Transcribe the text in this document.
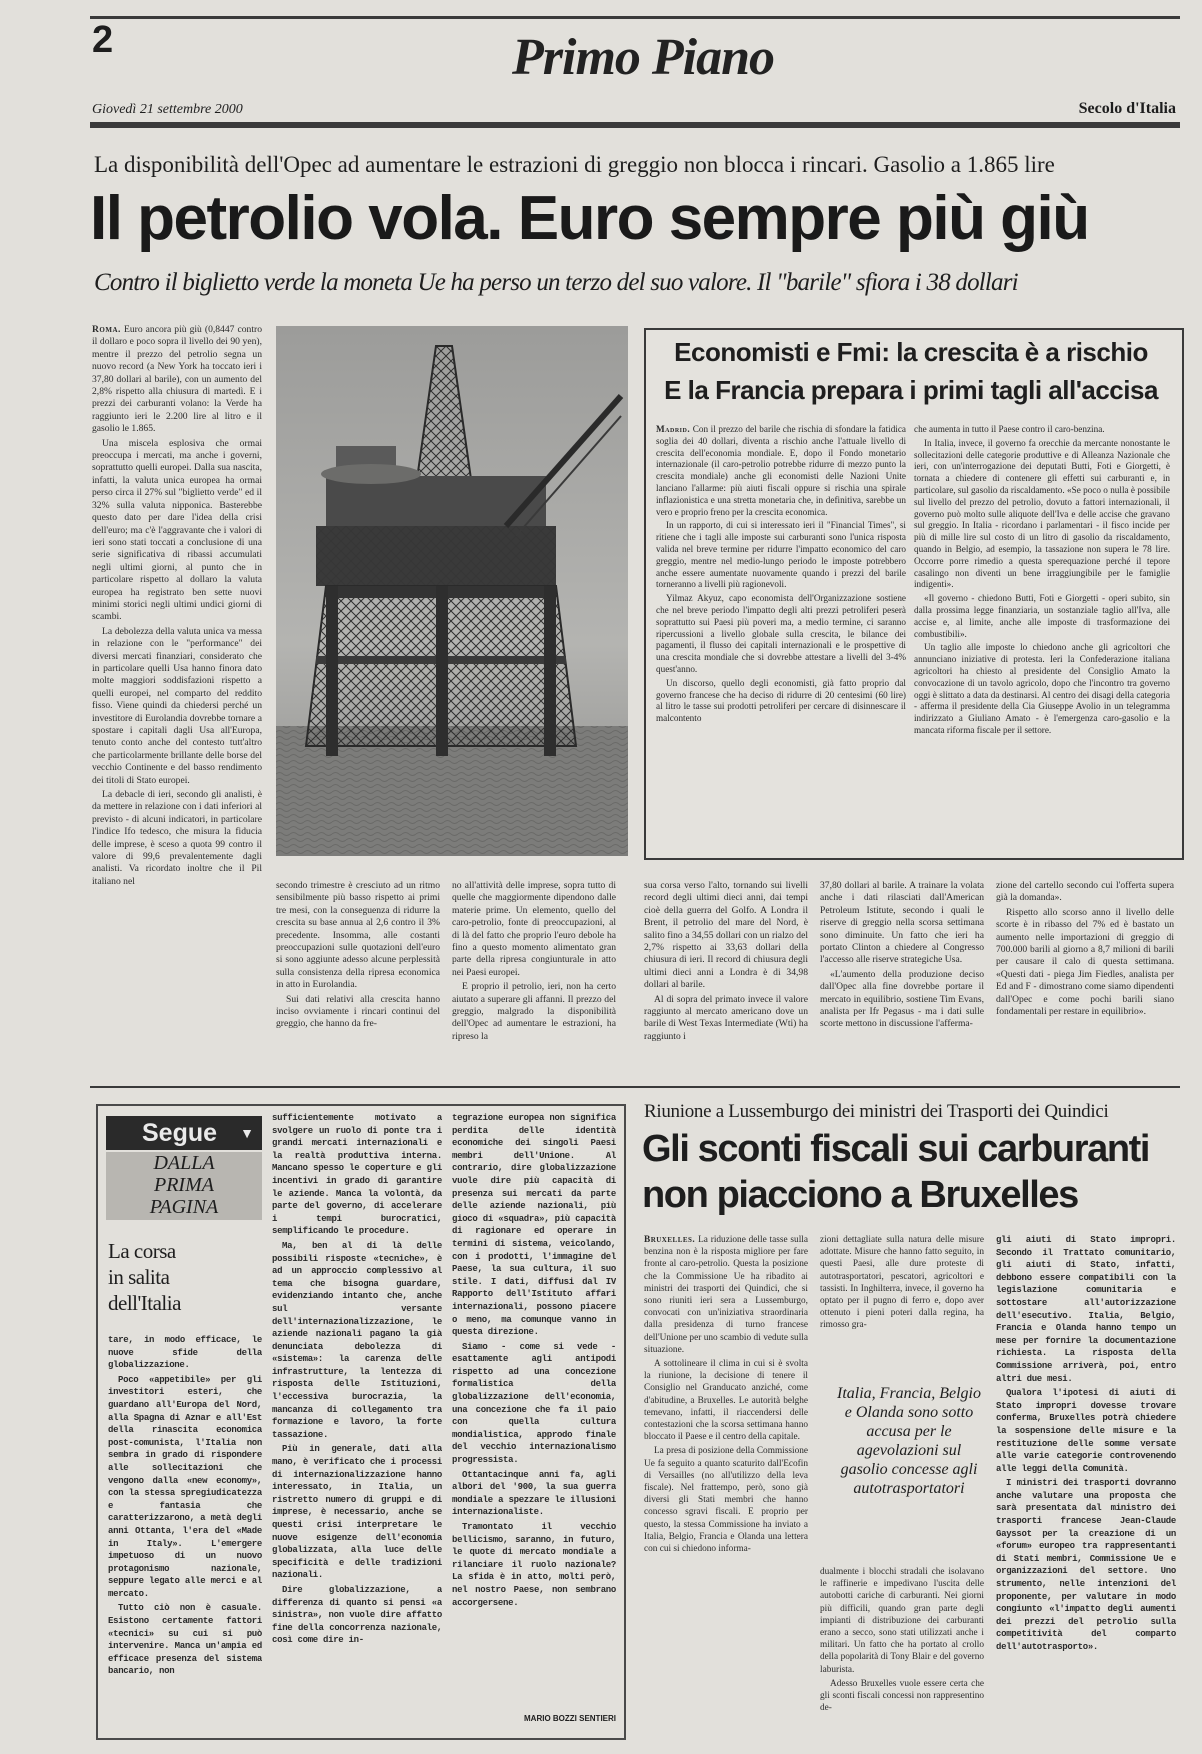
2	Primo Piano
Giovedì 21 settembre 2000	Secolo d'Italia
La disponibilità dell'Opec ad aumentare le estrazioni di greggio non blocca i rincari. Gasolio a 1.865 lire
Il petrolio vola. Euro sempre più giù
Contro il biglietto verde la moneta Ue ha perso un terzo del suo valore. Il "barile" sfiora i 38 dollari

Roma. Euro ancora più giù (0,8447 contro il dollaro e poco sopra il livello dei 90 yen), mentre il prezzo del petrolio segna un nuovo record (a New York ha toccato ieri i 37,80 dollari al barile), con un aumento del 2,8% rispetto alla chiusura di martedì. E i prezzi dei carburanti volano: la Verde ha raggiunto ieri le 2.200 lire al litro e il gasolio le 1.865.

Una miscela esplosiva che ormai preoccupa i mercati, ma anche i governi, soprattutto quelli europei. Dalla sua nascita, infatti, la valuta unica europea ha ormai perso circa il 27% sul "biglietto verde" ed il 32% sulla valuta nipponica. Basterebbe questo dato per dare l'idea della crisi dell'euro; ma c'è l'aggravante che i valori di ieri sono stati toccati a conclusione di una serie significativa di ribassi accumulati negli ultimi giorni, al punto che in particolare rispetto al dollaro la valuta europea ha registrato ben sette nuovi minimi storici negli ultimi undici giorni di scambi.

La debolezza della valuta unica va messa in relazione con le "performance" dei diversi mercati finanziari, considerato che in particolare quelli Usa hanno finora dato molte maggiori soddisfazioni rispetto a quelli europei, nel comparto del reddito fisso. Viene quindi da chiedersi perché un investitore di Eurolandia dovrebbe tornare a spostare i capitali dagli Usa all'Europa, tenuto conto anche del contesto tutt'altro che particolarmente brillante delle borse del vecchio Continente e del basso rendimento dei titoli di Stato europei.

La debacle di ieri, secondo gli analisti, è da mettere in relazione con i dati inferiori al previsto - di alcuni indicatori, in particolare l'indice Ifo tedesco, che misura la fiducia delle imprese, è sceso a quota 99 contro il valore di 99,6 prevalentemente dagli analisti. Va ricordato inoltre che il Pil italiano nel

Economisti e Fmi: la crescita è a rischio
E la Francia prepara i primi tagli all'accisa

Madrid. Con il prezzo del barile che rischia di sfondare la fatidica soglia dei 40 dollari, diventa a rischio anche l'attuale livello di crescita dell'economia mondiale. E, dopo il Fondo monetario internazionale (il caro-petrolio potrebbe ridurre di mezzo punto la crescita mondiale) anche gli economisti delle Nazioni Unite lanciano l'allarme: più aiuti fiscali oppure si rischia una spirale inflazionistica e una stretta monetaria che, in definitiva, sarebbe un vero e proprio freno per la crescita economica.

In un rapporto, di cui si interessato ieri il "Financial Times", si ritiene che i tagli alle imposte sui carburanti sono l'unica risposta valida nel breve termine per ridurre l'impatto economico del caro greggio, mentre nel medio-lungo periodo le imposte potrebbero anche essere aumentate nuovamente quando i prezzi del barile torneranno a livelli più ragionevoli.

Yilmaz Akyuz, capo economista dell'Organizzazione sostiene che nel breve periodo l'impatto degli alti prezzi petroliferi peserà soprattutto sui Paesi più poveri ma, a medio termine, ci saranno ripercussioni a livello globale sulla crescita, le bilance dei pagamenti, il flusso dei capitali internazionali e le prospettive di una crescita mondiale che si dovrebbe attestare a livelli del 3-4% quest'anno.

Un discorso, quello degli economisti, già fatto proprio dal governo francese che ha deciso di ridurre di 20 centesimi (60 lire) al litro le tasse sui prodotti petroliferi per cercare di disinnescare il malcontento

che aumenta in tutto il Paese contro il caro-benzina.

In Italia, invece, il governo fa orecchie da mercante nonostante le sollecitazioni delle categorie produttive e di Alleanza Nazionale che ieri, con un'interrogazione dei deputati Butti, Foti e Giorgetti, è tornata a chiedere di contenere gli effetti sui carburanti e, in particolare, sul gasolio da riscaldamento. «Se poco o nulla è possibile sul livello del prezzo del petrolio, dovuto a fattori internazionali, il governo può molto sulle aliquote dell'Iva e delle accise che gravano sul greggio. In Italia - ricordano i parlamentari - il fisco incide per più di mille lire sul costo di un litro di gasolio da riscaldamento, quando in Belgio, ad esempio, la tassazione non supera le 78 lire. Occorre porre rimedio a questa sperequazione perché il tepore casalingo non diventi un bene irraggiungibile per le famiglie indigenti».

«Il governo - chiedono Butti, Foti e Giorgetti - operi subito, sin dalla prossima legge finanziaria, un sostanziale taglio all'Iva, alle accise e, al limite, anche alle imposte di trasformazione dei combustibili».

Un taglio alle imposte lo chiedono anche gli agricoltori che annunciano iniziative di protesta. Ieri la Confederazione italiana agricoltori ha chiesto al presidente del Consiglio Amato la convocazione di un tavolo agricolo, dopo che l'incontro tra governo oggi è slittato a data da destinarsi. Al centro dei disagi della categoria - afferma il presidente della Cia Giuseppe Avolio in un telegramma indirizzato a Giuliano Amato - è l'emergenza caro-gasolio e la mancata riforma fiscale per il settore.

secondo trimestre è cresciuto ad un ritmo sensibilmente più basso rispetto ai primi tre mesi, con la conseguenza di ridurre la crescita su base annua al 2,6 contro il 3% precedente. Insomma, alle costanti preoccupazioni sulle quotazioni dell'euro si sono aggiunte adesso alcune perplessità sulla consistenza della ripresa economica in atto in Eurolandia.

Sui dati relativi alla crescita hanno inciso ovviamente i rincari continui del greggio, che hanno da fre-

no all'attività delle imprese, sopra tutto di quelle che maggiormente dipendono dalle materie prime. Un elemento, quello del caro-petrolio, fonte di preoccupazioni, al di là del fatto che proprio l'euro debole ha fino a questo momento alimentato gran parte della ripresa congiunturale in atto nei Paesi europei.

E proprio il petrolio, ieri, non ha certo aiutato a superare gli affanni. Il prezzo del greggio, malgrado la disponibilità dell'Opec ad aumentare le estrazioni, ha ripreso la

sua corsa verso l'alto, tornando sui livelli record degli ultimi dieci anni, dai tempi cioè della guerra del Golfo. A Londra il Brent, il petrolio del mare del Nord, è salito fino a 34,55 dollari con un rialzo del 2,7% rispetto ai 33,63 dollari della chiusura di ieri. Il record di chiusura degli ultimi dieci anni a Londra è di 34,98 dollari al barile.

Al di sopra del primato invece il valore raggiunto al mercato americano dove un barile di West Texas Intermediate (Wti) ha raggiunto i

37,80 dollari al barile. A trainare la volata anche i dati rilasciati dall'American Petroleum Istitute, secondo i quali le riserve di greggio nella scorsa settimana sono diminuite. Un fatto che ieri ha portato Clinton a chiedere al Congresso l'accesso alle riserve strategiche Usa.

«L'aumento della produzione deciso dall'Opec alla fine dovrebbe portare il mercato in equilibrio, sostiene Tim Evans, analista per Ifr Pegasus - ma i dati sulle scorte mettono in discussione l'afferma-

zione del cartello secondo cui l'offerta supera già la domanda».

Rispetto allo scorso anno il livello delle scorte è in ribasso del 7% ed è bastato un aumento nelle importazioni di greggio di 700.000 barili al giorno a 8,7 milioni di barili per causare il calo di questa settimana. «Questi dati - piega Jim Fiedles, analista per Ed and F - dimostrano come siamo dipendenti dall'Opec e come pochi barili siano fondamentali per restare in equilibrio».

Segue ▼
DALLA
PRIMA
PAGINA
La corsa
in salita
dell'Italia

tare, in modo efficace, le nuove sfide della globalizzazione.

Poco «appetibile» per gli investitori esteri, che guardano all'Europa del Nord, alla Spagna di Aznar e all'Est della rinascita economica post-comunista, l'Italia non sembra in grado di rispondere alle sollecitazioni che vengono dalla «new economy», con la stessa spregiudicatezza e fantasia che caratterizzarono, a metà degli anni Ottanta, l'era del «Made in Italy». L'emergere impetuoso di un nuovo protagonismo nazionale, seppure legato alle merci e al mercato.

Tutto ciò non è casuale. Esistono certamente fattori «tecnici» su cui si può intervenire. Manca un'ampia ed efficace presenza del sistema bancario, non

sufficientemente motivato a svolgere un ruolo di ponte tra i grandi mercati internazionali e la realtà produttiva interna. Mancano spesso le coperture e gli incentivi in grado di garantire le aziende. Manca la volontà, da parte del governo, di accelerare i tempi burocratici, semplificando le procedure.

Ma, ben al di là delle possibili risposte «tecniche», è ad un approccio complessivo al tema che bisogna guardare, evidenziando intanto che, anche sul versante dell'internazionalizzazione, le aziende nazionali pagano la già denunciata debolezza di «sistema»: la carenza delle infrastrutture, la lentezza di risposta delle Istituzioni, l'eccessiva burocrazia, la mancanza di collegamento tra formazione e lavoro, la forte tassazione.

Più in generale, dati alla mano, è verificato che i processi di internazionalizzazione hanno interessato, in Italia, un ristretto numero di gruppi e di imprese, è necessario, anche se questi crisi interpretare le nuove esigenze dell'economia globalizzata, alla luce delle specificità e delle tradizioni nazionali.

Dire globalizzazione, a differenza di quanto si pensi «a sinistra», non vuole dire affatto fine della concorrenza nazionale, così come dire in-

tegrazione europea non significa perdita delle identità economiche dei singoli Paesi membri dell'Unione. Al contrario, dire globalizzazione vuole dire più capacità di presenza sui mercati da parte delle aziende nazionali, più gioco di «squadra», più capacità di ragionare ed operare in termini di sistema, veicolando, con i prodotti, l'immagine del Paese, la sua cultura, il suo stile. I dati, diffusi dal IV Rapporto dell'Istituto affari internazionali, possono piacere o meno, ma comunque vanno in questa direzione.

Siamo - come si vede - esattamente agli antipodi rispetto ad una concezione formalistica della globalizzazione dell'economia, una concezione che fa il paio con quella cultura mondialistica, approdo finale del vecchio internazionalismo progressista.

Ottantacinque anni fa, agli albori del '900, la sua guerra mondiale a spezzare le illusioni internazionaliste.

Tramontato il vecchio bellicismo, saranno, in futuro, le quote di mercato mondiale a rilanciare il ruolo nazionale? La sfida è in atto, molti però, nel nostro Paese, non sembrano accorgersene.

MARIO BOZZI SENTIERI
Riunione a Lussemburgo dei ministri dei Trasporti dei Quindici
Gli sconti fiscali sui carburanti
non piacciono a Bruxelles

Bruxelles. La riduzione delle tasse sulla benzina non è la risposta migliore per fare fronte al caro-petrolio. Questa la posizione che la Commissione Ue ha ribadito ai ministri dei trasporti dei Quindici, che si sono riuniti ieri sera a Lussemburgo, convocati con un'iniziativa straordinaria dalla presidenza di turno francese dell'Unione per uno scambio di vedute sulla situazione.

A sottolineare il clima in cui si è svolta la riunione, la decisione di tenere il Consiglio nel Granducato anziché, come d'abitudine, a Bruxelles. Le autorità belghe temevano, infatti, il riaccendersi delle contestazioni che la scorsa settimana hanno bloccato il Paese e il centro della capitale.

La presa di posizione della Commissione Ue fa seguito a quanto scaturito dall'Ecofin di Versailles (no all'utilizzo della leva fiscale). Nel frattempo, però, sono già diversi gli Stati membri che hanno concesso sgravi fiscali. E proprio per questo, la stessa Commissione ha inviato a Italia, Belgio, Francia e Olanda una lettera con cui si chiedono informa-

zioni dettagliate sulla natura delle misure adottate. Misure che hanno fatto seguito, in questi Paesi, alle dure proteste di autotrasportatori, pescatori, agricoltori e tassisti. In Inghilterra, invece, il governo ha optato per il pugno di ferro e, dopo aver ottenuto i pieni poteri dalla regina, ha rimosso gra-

Italia, Francia, Belgio e Olanda sono sotto accusa per le agevolazioni sul gasolio concesse agli autotrasportatori

dualmente i blocchi stradali che isolavano le raffinerie e impedivano l'uscita delle autobotti cariche di carburanti. Nei giorni più difficili, quando gran parte degli impianti di distribuzione dei carburanti erano a secco, sono stati utilizzati anche i militari. Un fatto che ha portato al crollo della popolarità di Tony Blair e del governo laburista.

Adesso Bruxelles vuole essere certa che gli sconti fiscali concessi non rappresentino de-

gli aiuti di Stato impropri. Secondo il Trattato comunitario, gli aiuti di Stato, infatti, debbono essere compatibili con la legislazione comunitaria e sottostare all'autorizzazione dell'esecutivo. Italia, Belgio, Francia e Olanda hanno tempo un mese per fornire la documentazione richiesta. La risposta della Commissione arriverà, poi, entro altri due mesi.

Qualora l'ipotesi di aiuti di Stato impropri dovesse trovare conferma, Bruxelles potrà chiedere la sospensione delle misure e la restituzione delle somme versate alle varie categorie controvenendo alle leggi della Comunità.

I ministri dei trasporti dovranno anche valutare una proposta che sarà presentata dal ministro dei trasporti francese Jean-Claude Gayssot per la creazione di un «forum» europeo tra rappresentanti di Stati membri, Commissione Ue e organizzazioni del settore. Uno strumento, nelle intenzioni del proponente, per valutare in modo congiunto «l'impatto degli aumenti dei prezzi del petrolio sulla competitività del comparto dell'autotrasporto».
